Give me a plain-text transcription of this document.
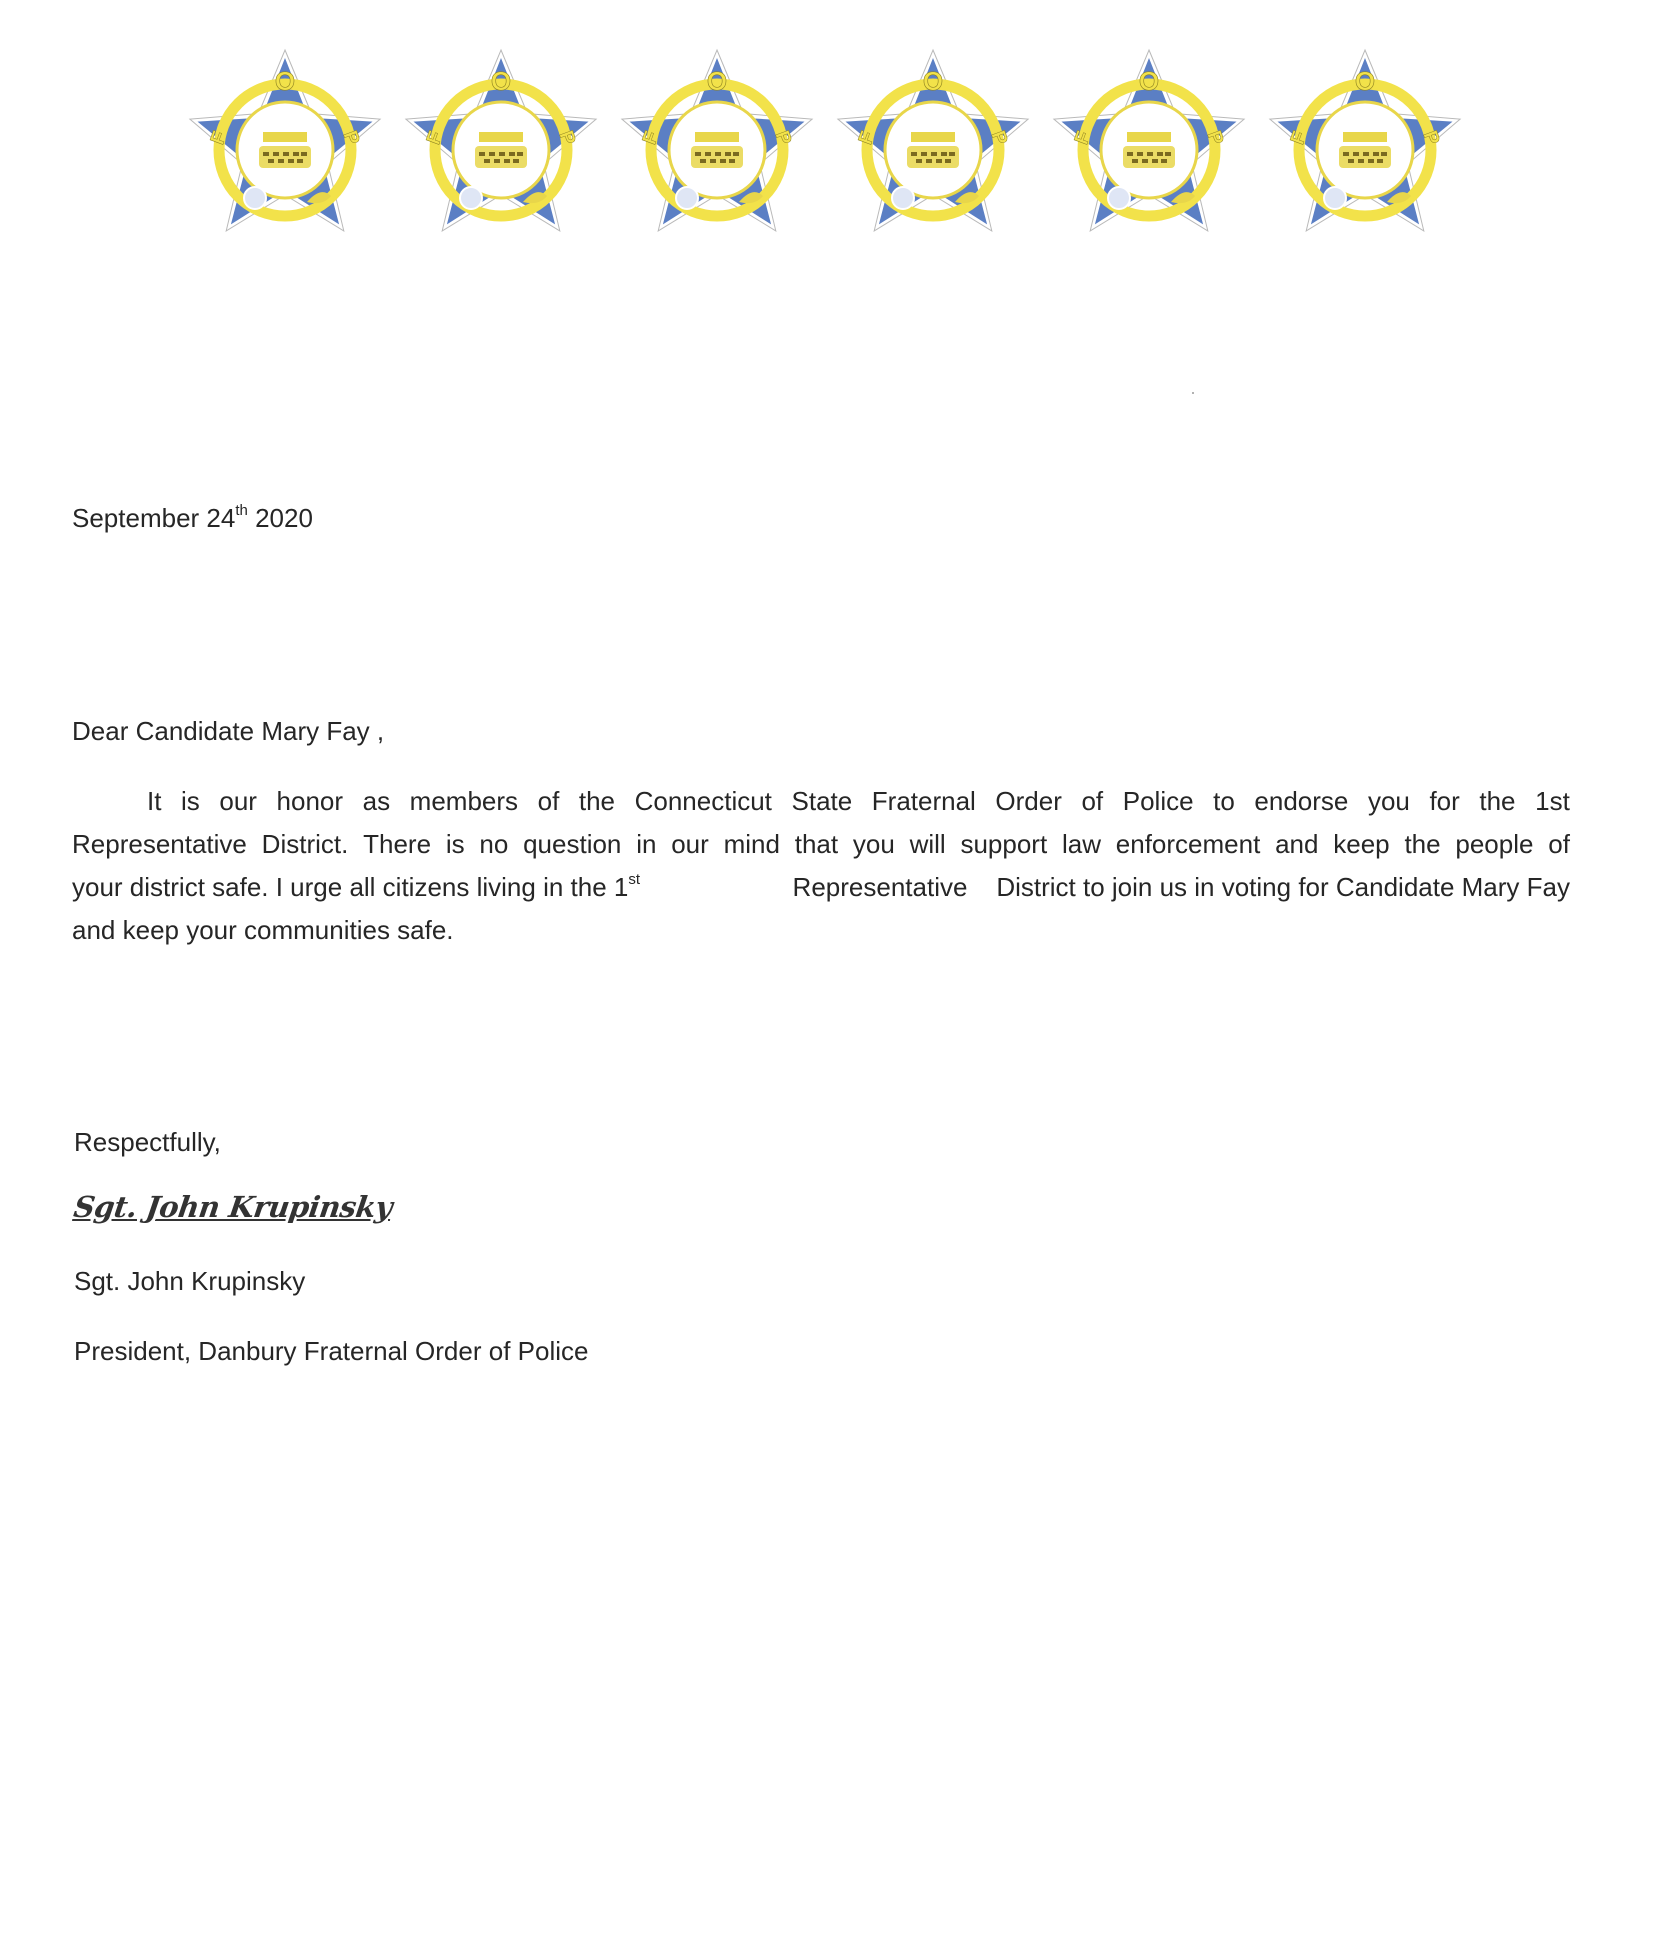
O
F	P
O
F	P
O
F	P
O
F	P
O
F	P
O
F	P
September 24th 2020
Dear Candidate Mary Fay ,
It is our honor as members of the Connecticut State Fraternal Order of Police to endorse you for the 1st
Representative District. There is no question in our mind that you will support law enforcement and keep the people of
your district safe. I urge all citizens living in the 1st	Representative    District to join us in voting for Candidate Mary Fay
and keep your communities safe.
Respectfully,
Sgt. John Krupinsky
Sgt. John Krupinsky
President, Danbury Fraternal Order of Police
